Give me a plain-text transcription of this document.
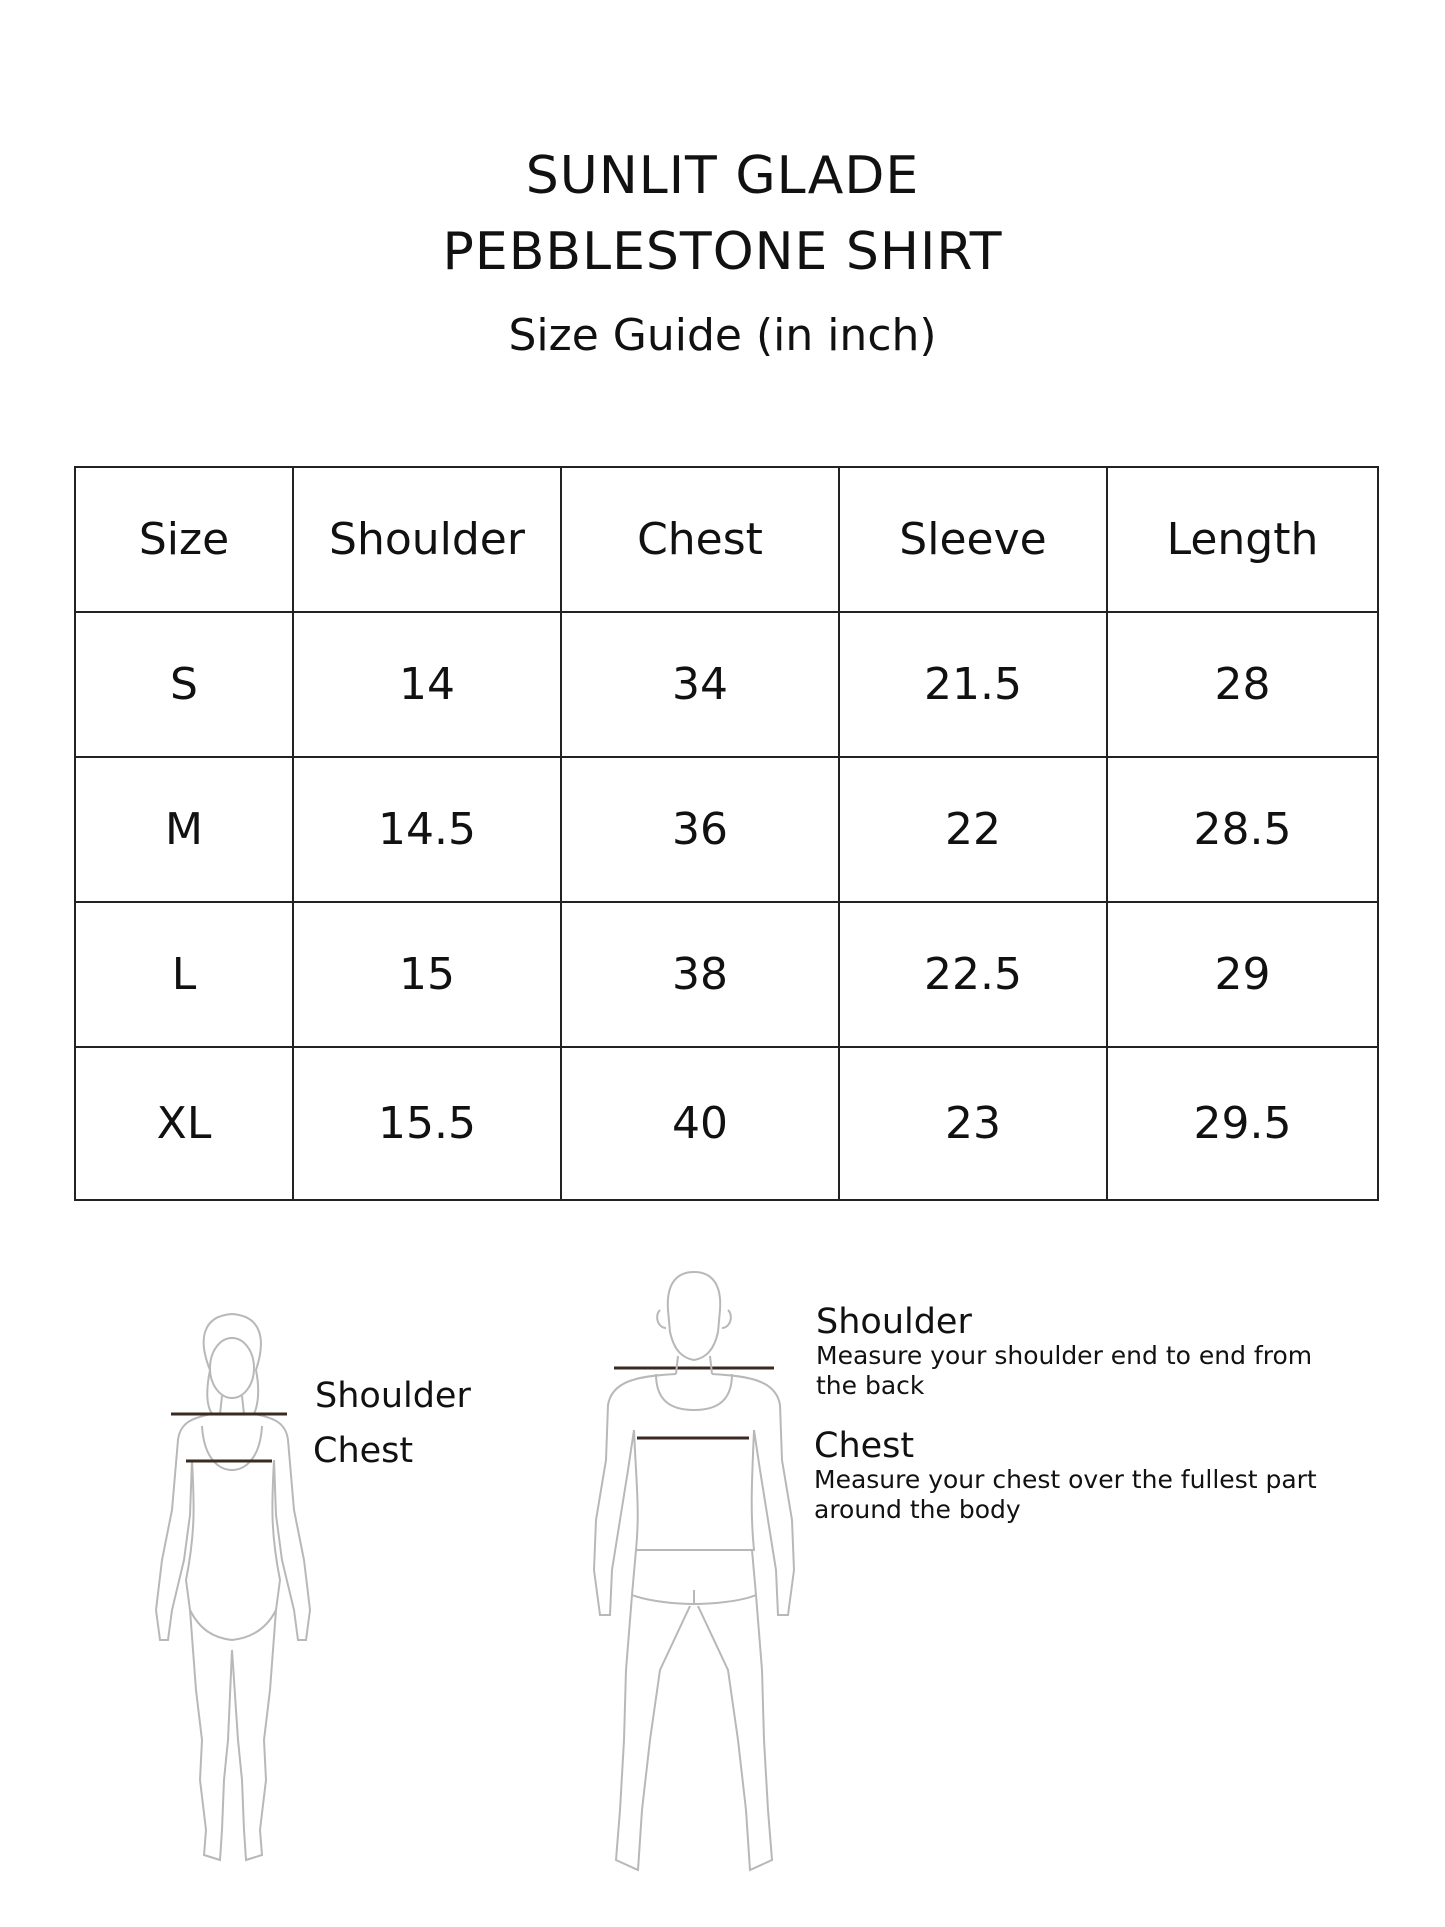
SUNLIT GLADE
PEBBLESTONE SHIRT
Size Guide (in inch)
Size	Shoulder	Chest	Sleeve	Length
S	14	34	21.5	28
M	14.5	36	22	28.5
L	15	38	22.5	29
XL	15.5	40	23	29.5
Shoulder
Chest
Shoulder
Measure your shoulder end to end from
the back
Chest
Measure your chest over the fullest part
around the body
